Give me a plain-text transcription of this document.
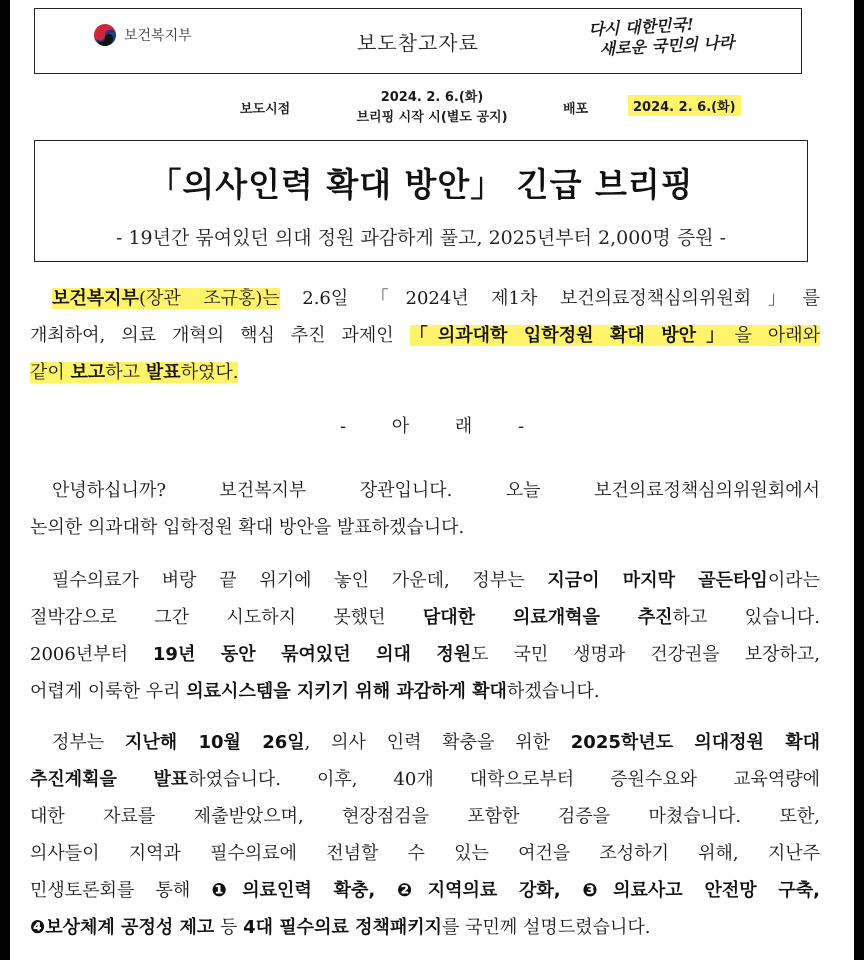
보건복지부	보도참고자료
다시 대한민국!
새로운 국민의 나라
보도시점
2024. 2. 6.(화)
브리핑 시작 시(별도 공지)
배포	2024. 2. 6.(화)
「의사인력 확대 방안」 긴급 브리핑
- 19년간 묶여있던 의대 정원 과감하게 풀고, 2025년부터 2,000명 증원 -
보건복지부(장관 조규홍)는 2.6일 「2024년 제1차 보건의료정책심의위원회」를
개최하여, 의료 개혁의 핵심 추진 과제인 「의과대학 입학정원 확대 방안」을 아래와
같이 보고하고 발표하였다.
- 아 래 -
안녕하십니까? 보건복지부 장관입니다. 오늘 보건의료정책심의위원회에서
논의한 의과대학 입학정원 확대 방안을 발표하겠습니다.
필수의료가 벼랑 끝 위기에 놓인 가운데, 정부는 지금이 마지막 골든타임이라는
절박감으로 그간 시도하지 못했던 담대한 의료개혁을 추진하고 있습니다.
2006년부터 19년 동안 묶여있던 의대 정원도 국민 생명과 건강권을 보장하고,
어렵게 이룩한 우리 의료시스템을 지키기 위해 과감하게 확대하겠습니다.
정부는 지난해 10월 26일, 의사 인력 확충을 위한 2025학년도 의대정원 확대
추진계획을 발표하였습니다. 이후, 40개 대학으로부터 증원수요와 교육역량에
대한 자료를 제출받았으며, 현장점검을 포함한 검증을 마쳤습니다. 또한,
의사들이 지역과 필수의료에 전념할 수 있는 여건을 조성하기 위해, 지난주
민생토론회를 통해 ❶의료인력 확충, ❷지역의료 강화, ❸의료사고 안전망 구축,
❹보상체계 공정성 제고 등 4대 필수의료 정책패키지를 국민께 설명드렸습니다.
